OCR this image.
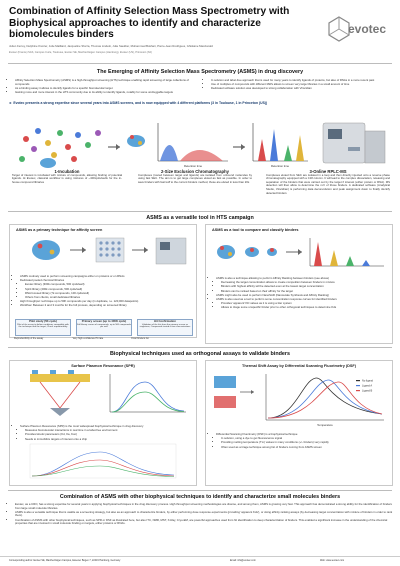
Combination of Affinity Selection Mass Spectrometry with
Biophysical approaches to identify and characterize
biomolecules binders	evotec
Julien Ferrey, Delphine Kretzer, Julie Mailliard, Jacqueline Sforza, Thomas Lindelö, Julie Sauldier, Mohammad Bokhari, Pierre-Jean Rodrigues, Ghislaine Macdonald
Evotec (France) SAS, Campus Curie, Toulouse, Evotec SE, Manfred Eigen Campus (Hamburg), Evotec (US), Princeton (NJ)
The Emerging of Affinity Selection Mass Spectrometry (ASMS) in drug discovery
• Affinity Selection Mass Spectrometry (ASMS) is a high-throughput screening (HTS) technique enabling rapid screening of large collections of compounds
• As a binding assay it allows to identify ligands for a specific biomolecular target
• Gaining more and more interest in the HTS community due to its ability to identify ligands, notably for some undruggable targets
• In solution and label-free approach that is used for many years to identify ligands of proteins, but also of RNAs in a more recent past
• Use of multiplex of compounds with different MWs allows to screen very large libraries in a small amount of time
• Dedicated software solution was developed to strong collaboration with Virscidian
► Evotec presents a strong expertise since several years into ASMS screens, and is now equipped with 4 different platforms (3 in Toulouse, 1 in Princeton (US))
Retention time	Retention time
1-Incubation
Target of interest is incubated with mixture of compounds, allowing binding of potential ligands. At Evotec, classical workflow is using mixtures of ~400cpds/wells for the in-house compound libraries
2-Size Exclusion Chromatography
Complexes (routed between target and ligands) are isolated from unbound molecules by using fast SEC. The aim is to get large complexes eluted as fast as possible. In order to save binders with fast koff to the current binders method, those are eluted in less than 20s
3-Online RPLC-MS
Complexes eluted from SEC are isolated in a loop and then directly injected onto a reverse phase chromatography equipped with a C18 column. It will lead to the complex dissociation, releasing and separation of the binders that were carried out by the target if interest (either protein or RNA). MS detection will then allow to determine the m/z of those binders. A dedicated software (Analytical Studio, Virscidian) is performing data deconvolution and peak assignment down to finally identify detected binders
ASMS as a versatile tool in HTS campaign
ASMS as a primary technique for affinity screen
• ASMS routinely used to perform screening campaigns either on proteins or on RNAs
• Dedicated pooled chemical libraries
• Evotec library (300k compounds, 500 cpds/well)
• Spirit library (200k compounds, 500 cpds/well)
• RNA focused library (7k compounds, 100 cpds/well)
• Others from clients, small dedicated libraries
• High throughput: technique up to 50K compounds per day (in duplicate, i.e. 120,000 datapoints)
• Workflow: Between 2 and 3 months for the full process, depending on screened library
Pilot study (5K cpds)
Pilot of the assay to define conditions compatible with the technique and the target; Check reproducibility
Primary screen (up to 400K cpds)
Full library screen of compounds, up to 500 compounds per well
Hit Confirmation
Validation of the hits from the primary screen as singletons; Compounds tested at two concentrations
Reproducibility of the assay	Very high confidence Hit rate	Final binders list
ASMS as a tool to compare and classify binders
• ASMS is also a technique allowing to perform Affinity Ranking between binders (see above)
• Decreasing the target concentration allows to create competition between binders in mixture
• Binders with highest affinity will be detected even at the lowest target concentration
• Binders can be ranked based on their affinity for the target
• ASMS might also be used to perform NanoSAR (Nanoscale Synthesis and Affinity Ranking)
• ASMS is also used as a tool to perform some concentration response curves for identified binders
• Provides 'apparent' KD values as it is using a titer system
• Allows to triage some unspecific binder prior to other orthogonal techniques to determine Kds
Biophysical techniques used as orthogonal assays to validate binders
Surface Plasmon Resonance (SPR)
• Surface Plasmon Resonance (SPR) is the most widespread biophysical technique in drug discovery
• Measures biomolecular interactions in real time in a label-free environment
• Provides kinetic parameters (Kd, Ka, Kon)
• Needs to immobilize targets of interest onto a chip
Thermal Shift Assay by Differential Scanning Fluorimetry (DSF)
No ligand
Ligand A
Ligand B
Temperature
• Differential Scanning Fluorimetry (DSF) is a biophysical technique
• In solution, using a dye to get fluorescence signal
• Providing melting temperature (Tm) values in many conditions (+/- binders) very rapidly
• Often used as a triage technique among list of binders coming from ASMS screen
Combination of ASMS with other biophysical techniques to identify and characterize small molecules binders
• Evotec, as a CRO, has a strong expertise for several years in applying biophysical techniques in the drug discovery process. High throughput screening methodologies are diverse, and among them, ASMS is growing very fast. This approach has demonstrated a strong ability for the identification of binders from large small molecule libraries.
• ASMS is also a versatile technique that is usable as a screening strategy, but also as an approach to characterize binders, by either performing dose response experiments (providing 'apparent Kds'), or doing affinity ranking assays (by decreasing target concentration with mixture of binders in order to rank them).
• Combination of ASMS with other biophysical techniques, such as SPR or DSF as illustrated here, but also ITC, NMR, MST, X-Ray, Cryo-EM, are powerful approaches used from hit identification to deep characterization of binders. This enabled a significant increase in the understanding of the chemical properties that are involved in small molecule binding on targets, either proteins or RNAs.
Corresponding author: Evotec SE, Manfred Eigen Campus, Essener Bogen 7, 22419 Hamburg, Germany	Email: info@evotec.com	Web: www.evotec.com
